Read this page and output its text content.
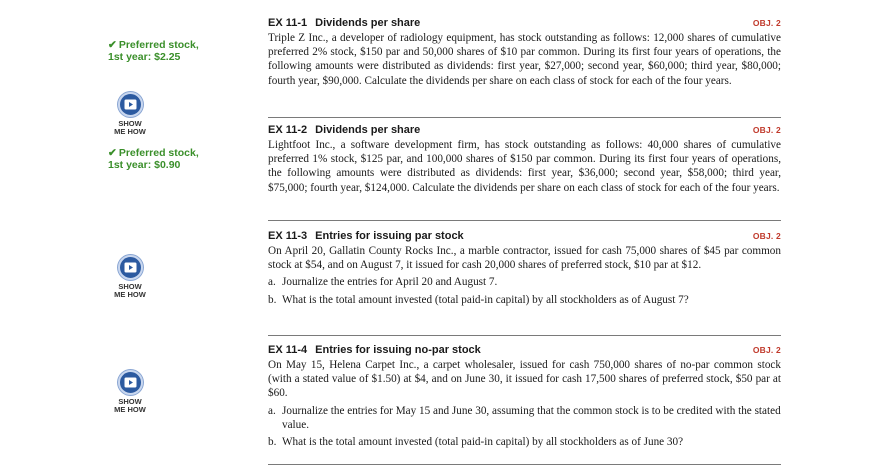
✔ Preferred stock,
1st year: $2.25
SHOW
ME HOW
✔ Preferred stock,
1st year: $0.90
SHOW
ME HOW
SHOW
ME HOW
EX 11-1 Dividends per share	OBJ. 2
Triple Z Inc., a developer of radiology equipment, has stock outstanding as follows: 12,000 shares of cumulative preferred 2% stock, $150 par and 50,000 shares of $10 par common. During its first four years of operations, the following amounts were distributed as dividends: first year, $27,000; second year, $60,000; third year, $80,000; fourth year, $90,000. Calculate the dividends per share on each class of stock for each of the four years.
EX 11-2 Dividends per share	OBJ. 2
Lightfoot Inc., a software development firm, has stock outstanding as follows: 40,000 shares of cumulative preferred 1% stock, $125 par, and 100,000 shares of $150 par common. During its first four years of operations, the following amounts were distributed as dividends: first year, $36,000; second year, $58,000; third year, $75,000; fourth year, $124,000. Calculate the dividends per share on each class of stock for each of the four years.
EX 11-3 Entries for issuing par stock	OBJ. 2
On April 20, Gallatin County Rocks Inc., a marble contractor, issued for cash 75,000 shares of $45 par common stock at $54, and on August 7, it issued for cash 20,000 shares of preferred stock, $10 par at $12.
a. Journalize the entries for April 20 and August 7.
b. What is the total amount invested (total paid-in capital) by all stockholders as of August 7?
EX 11-4 Entries for issuing no-par stock	OBJ. 2
On May 15, Helena Carpet Inc., a carpet wholesaler, issued for cash 750,000 shares of no-par common stock (with a stated value of $1.50) at $4, and on June 30, it issued for cash 17,500 shares of preferred stock, $50 par at $60.
a. Journalize the entries for May 15 and June 30, assuming that the common stock is to be credited with the stated value.
b. What is the total amount invested (total paid-in capital) by all stockholders as of June 30?
